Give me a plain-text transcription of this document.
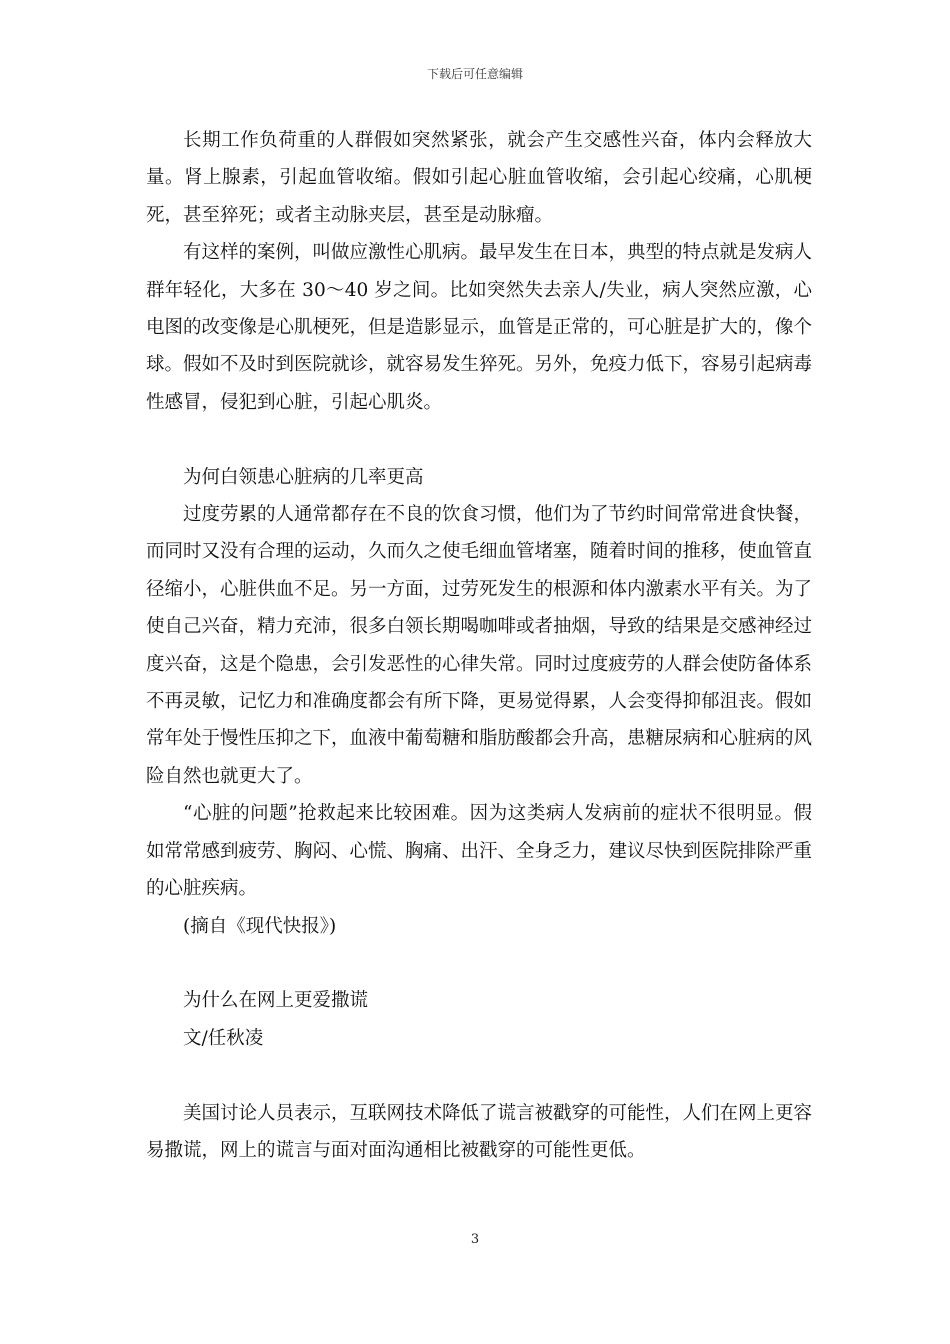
下载后可任意编辑

长期工作负荷重的人群假如突然紧张，就会产生交感性兴奋，体内会释放大量。肾上腺素，引起血管收缩。假如引起心脏血管收缩，会引起心绞痛，心肌梗死，甚至猝死；或者主动脉夹层，甚至是动脉瘤。

有这样的案例，叫做应激性心肌病。最早发生在日本，典型的特点就是发病人群年轻化，大多在 30～40 岁之间。比如突然失去亲人/失业，病人突然应激，心电图的改变像是心肌梗死，但是造影显示，血管是正常的，可心脏是扩大的，像个球。假如不及时到医院就诊，就容易发生猝死。另外，免疫力低下，容易引起病毒性感冒，侵犯到心脏，引起心肌炎。

为何白领患心脏病的几率更高

过度劳累的人通常都存在不良的饮食习惯，他们为了节约时间常常进食快餐，而同时又没有合理的运动，久而久之使毛细血管堵塞，随着时间的推移，使血管直径缩小，心脏供血不足。另一方面，过劳死发生的根源和体内激素水平有关。为了使自己兴奋，精力充沛，很多白领长期喝咖啡或者抽烟，导致的结果是交感神经过度兴奋，这是个隐患，会引发恶性的心律失常。同时过度疲劳的人群会使防备体系不再灵敏，记忆力和准确度都会有所下降，更易觉得累，人会变得抑郁沮丧。假如常年处于慢性压抑之下，血液中葡萄糖和脂肪酸都会升高，患糖尿病和心脏病的风险自然也就更大了。

“心脏的问题”抢救起来比较困难。因为这类病人发病前的症状不很明显。假如常常感到疲劳、胸闷、心慌、胸痛、出汗、全身乏力，建议尽快到医院排除严重的心脏疾病。

(摘自《现代快报》)

为什么在网上更爱撒谎

文/任秋凌

美国讨论人员表示，互联网技术降低了谎言被戳穿的可能性，人们在网上更容易撒谎，网上的谎言与面对面沟通相比被戳穿的可能性更低。

3
